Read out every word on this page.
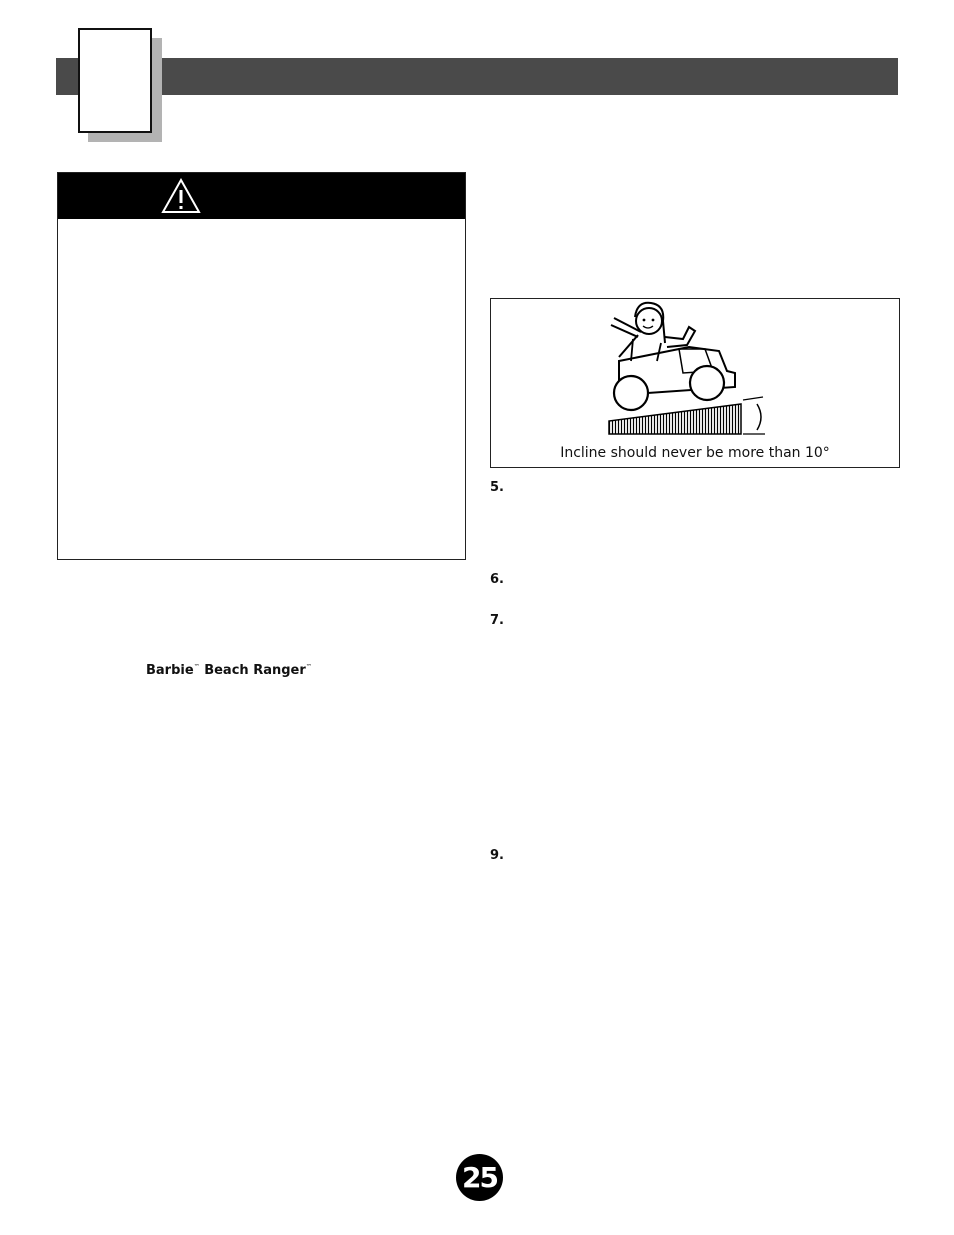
Barbie™ Beach Ranger™
Incline should never be more than 10°
5.
6.
7.
9.
25
